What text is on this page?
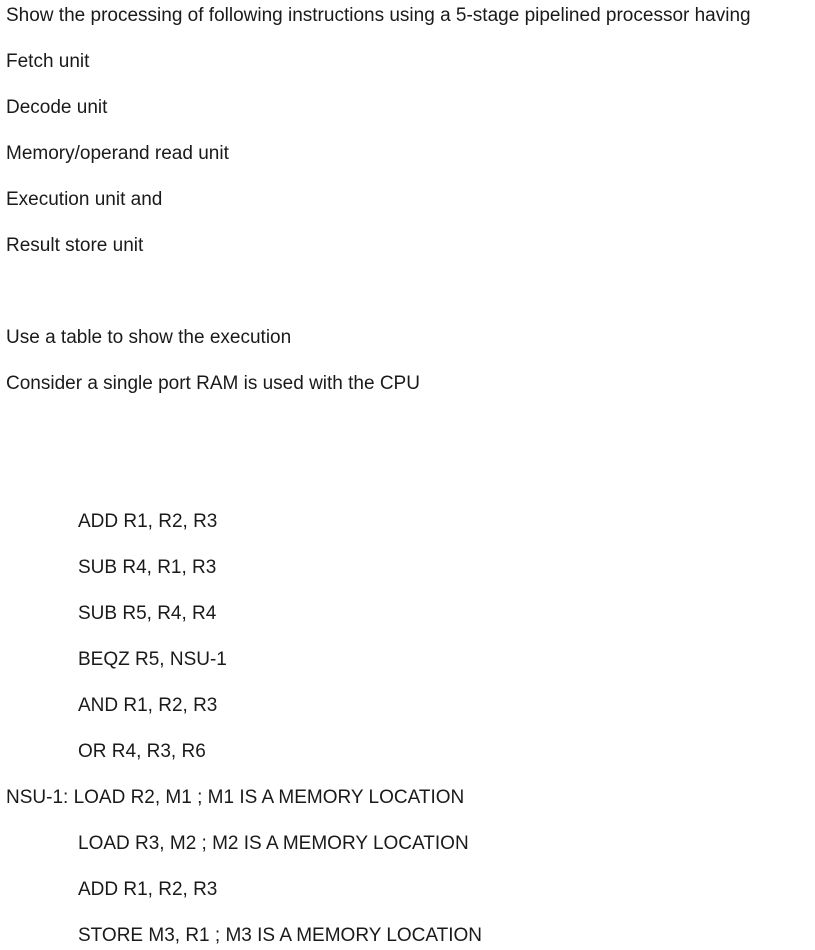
Show the processing of following instructions using a 5-stage pipelined processor having
Fetch unit
Decode unit
Memory/operand read unit
Execution unit and
Result store unit
Use a table to show the execution
Consider a single port RAM is used with the CPU
ADD R1, R2, R3
SUB R4, R1, R3
SUB R5, R4, R4
BEQZ R5, NSU-1
AND R1, R2, R3
OR R4, R3, R6
NSU-1: LOAD R2, M1 ; M1 IS A MEMORY LOCATION
LOAD R3, M2 ; M2 IS A MEMORY LOCATION
ADD R1, R2, R3
STORE M3, R1 ; M3 IS A MEMORY LOCATION
